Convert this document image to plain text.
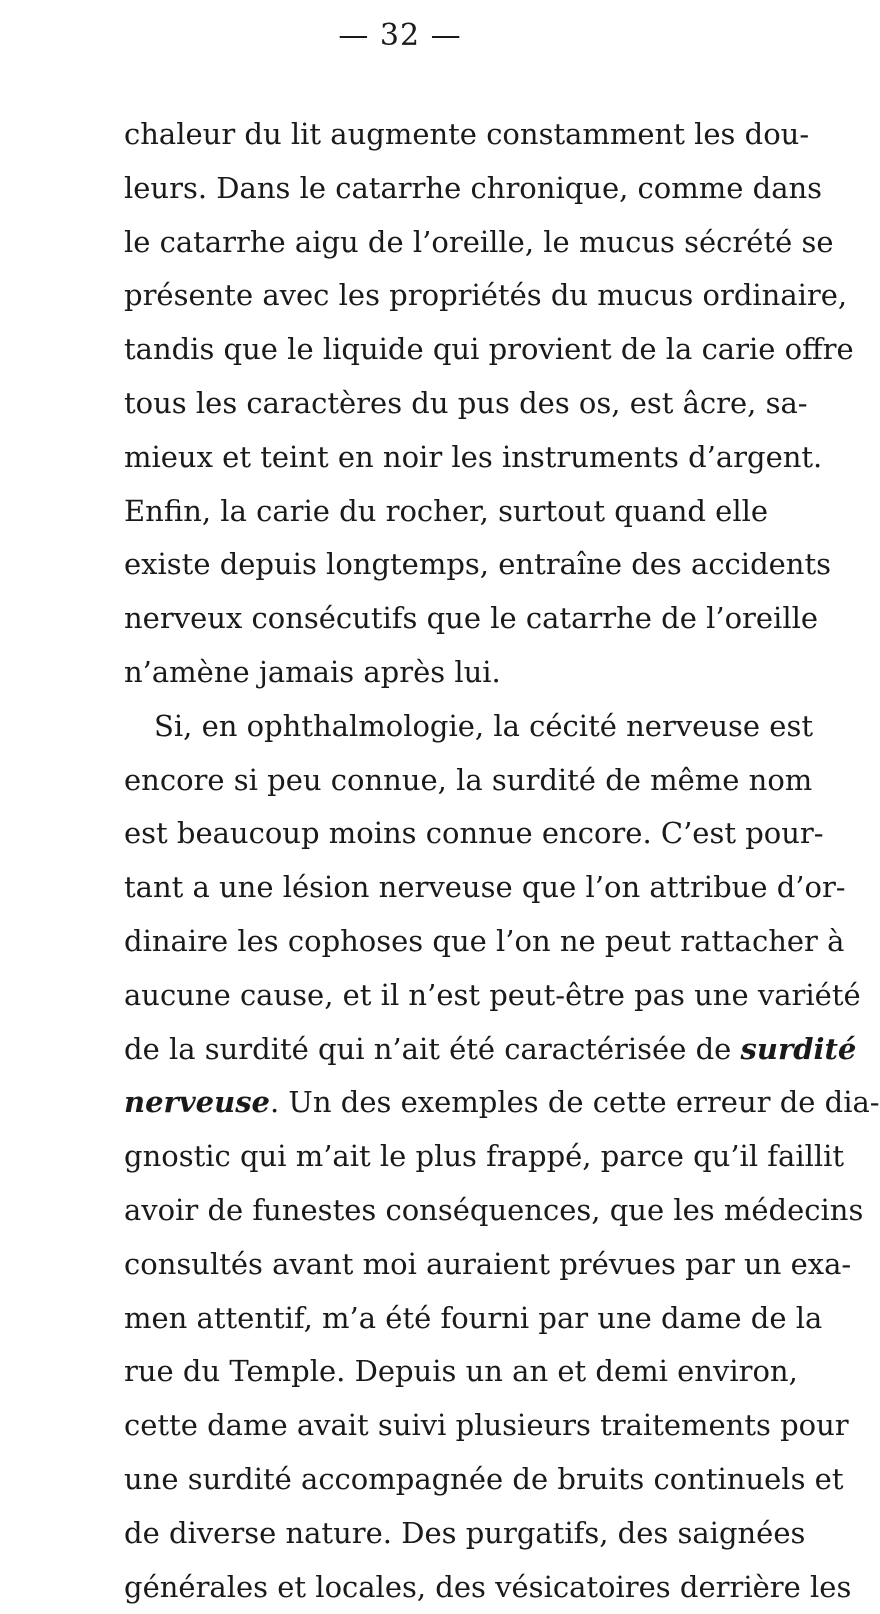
— 32 —
chaleur du lit augmente constamment les dou-
leurs. Dans le catarrhe chronique, comme dans
le catarrhe aigu de l’oreille, le mucus sécrété se
présente avec les propriétés du mucus ordinaire,
tandis que le liquide qui provient de la carie offre
tous les caractères du pus des os, est âcre, sa-
mieux et teint en noir les instruments d’argent.
Enfin, la carie du rocher, surtout quand elle
existe depuis longtemps, entraîne des accidents
nerveux consécutifs que le catarrhe de l’oreille
n’amène jamais après lui.
Si, en ophthalmologie, la cécité nerveuse est
encore si peu connue, la surdité de même nom
est beaucoup moins connue encore. C’est pour-
tant a une lésion nerveuse que l’on attribue d’or-
dinaire les cophoses que l’on ne peut rattacher à
aucune cause, et il n’est peut-être pas une variété
de la surdité qui n’ait été caractérisée de surdité
nerveuse. Un des exemples de cette erreur de dia-
gnostic qui m’ait le plus frappé, parce qu’il faillit
avoir de funestes conséquences, que les médecins
consultés avant moi auraient prévues par un exa-
men attentif, m’a été fourni par une dame de la
rue du Temple. Depuis un an et demi environ,
cette dame avait suivi plusieurs traitements pour
une surdité accompagnée de bruits continuels et
de diverse nature. Des purgatifs, des saignées
générales et locales, des vésicatoires derrière les
